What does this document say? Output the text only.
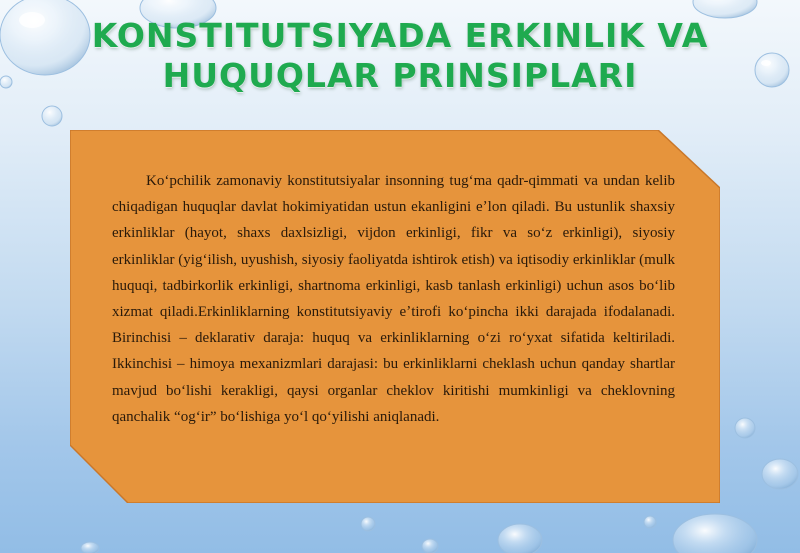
KONSTITUTSIYADA ERKINLIK VA
HUQUQLAR PRINSIPLARI

Koʻpchilik zamonaviy konstitutsiyalar insonning tugʻma qadr-qimmati va undan kelib chiqadigan huquqlar davlat hokimiyatidan ustun ekanligini eʼlon qiladi. Bu ustunlik shaxsiy erkinliklar (hayot, shaxs daxlsizligi, vijdon erkinligi, fikr va soʻz erkinligi), siyosiy erkinliklar (yigʻilish, uyushish, siyosiy faoliyatda ishtirok etish) va iqtisodiy erkinliklar (mulk huquqi, tadbirkorlik erkinligi, shartnoma erkinligi, kasb tanlash erkinligi) uchun asos boʻlib xizmat qiladi.Erkinliklarning konstitutsiyaviy eʼtirofi koʻpincha ikki darajada ifodalanadi. Birinchisi – deklarativ daraja: huquq va erkinliklarning oʻzi roʻyxat sifatida keltiriladi. Ikkinchisi – himoya mexanizmlari darajasi: bu erkinliklarni cheklash uchun qanday shartlar mavjud boʻlishi kerakligi, qaysi organlar cheklov kiritishi mumkinligi va cheklovning qanchalik “ogʻir” boʻlishiga yoʻl qoʻyilishi aniqlanadi.
